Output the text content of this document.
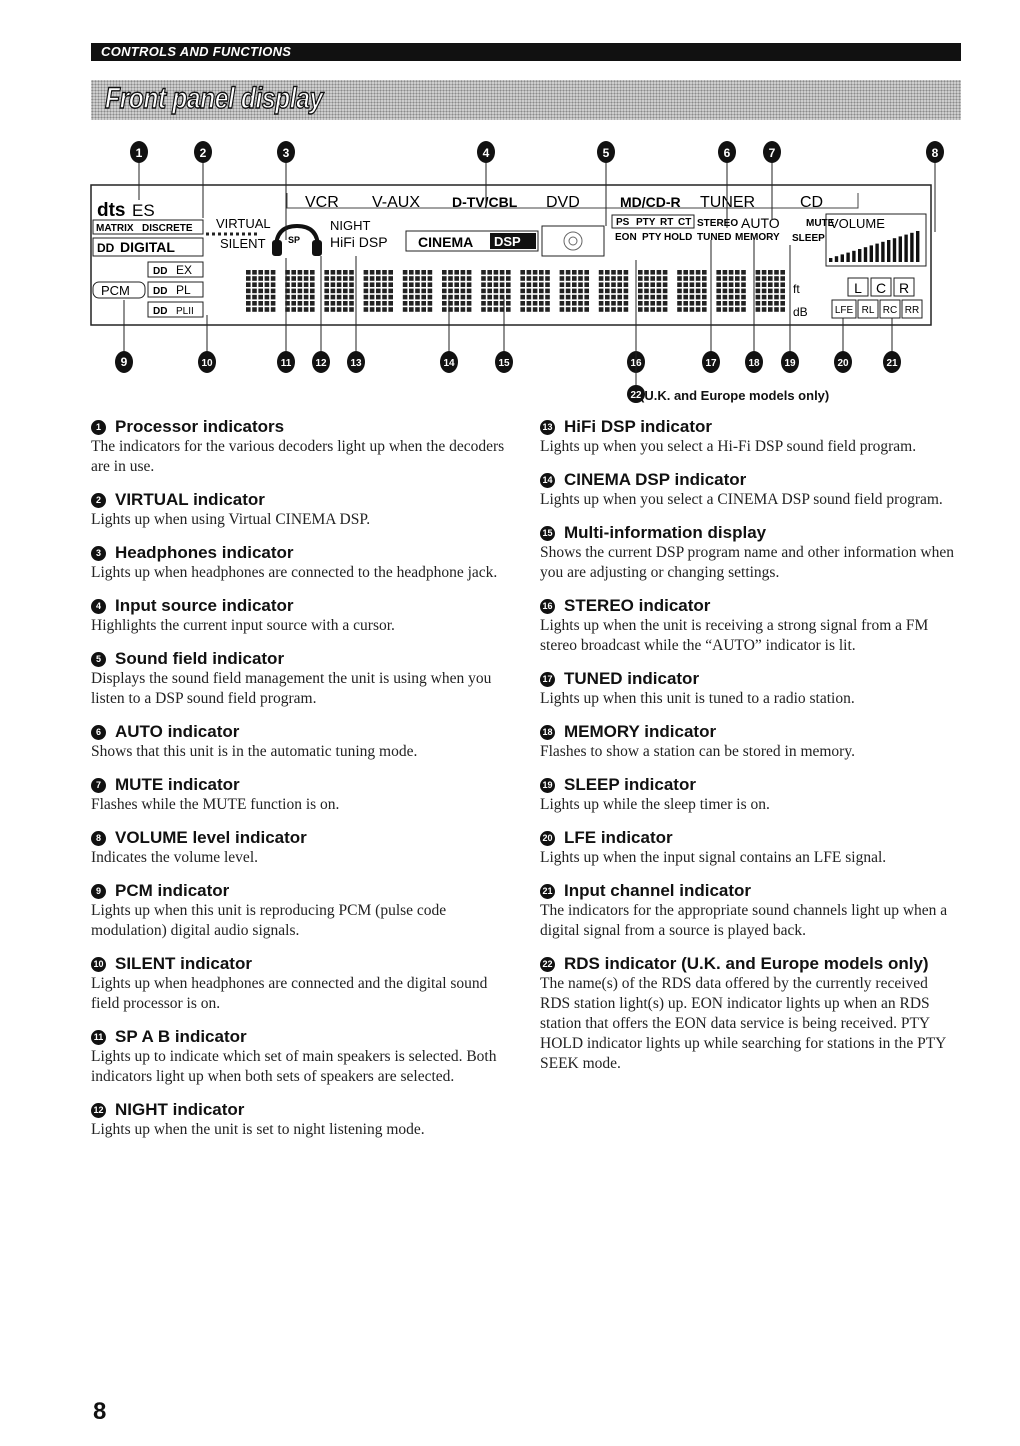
CONTROLS AND FUNCTIONS
Front panel display
dts ES
MATRIX DISCRETE
DD DIGITAL
DD EX
PCM DD PL
DD PLII
VIRTUAL
SILENT SP
A B
NIGHT
HiFi DSP CINEMA DSP
VCR V-AUX D-TV/CBL DVD	MD/CD-R TUNER	CD
PS PTY RT CT
EON PTY HOLD
STEREO AUTO
TUNED MEMORY
MUTE
SLEEP
VOLUME
ft
dB
L C R
LFE RL RC RR
1	2	3	4	5	6	7	8
9	10	11 12 13	14	15	16	17	18 19	20	21
22
(U.K. and Europe models only)
1 Processor indicators

The indicators for the various decoders light up when the decoders are in use.

2 VIRTUAL indicator

Lights up when using Virtual CINEMA DSP.

3 Headphones indicator

Lights up when headphones are connected to the headphone jack.

4 Input source indicator

Highlights the current input source with a cursor.

5 Sound field indicator

Displays the sound field management the unit is using when you listen to a DSP sound field program.

6 AUTO indicator

Shows that this unit is in the automatic tuning mode.

7 MUTE indicator

Flashes while the MUTE function is on.

8 VOLUME level indicator

Indicates the volume level.

9 PCM indicator

Lights up when this unit is reproducing PCM (pulse code modulation) digital audio signals.

10 SILENT indicator

Lights up when headphones are connected and the digital sound field processor is on.

11 SP A B indicator

Lights up to indicate which set of main speakers is selected. Both indicators light up when both sets of speakers are selected.

12 NIGHT indicator

Lights up when the unit is set to night listening mode.

13 HiFi DSP indicator

Lights up when you select a Hi-Fi DSP sound field program.

14 CINEMA DSP indicator

Lights up when you select a CINEMA DSP sound field program.

15 Multi-information display

Shows the current DSP program name and other information when you are adjusting or changing settings.

16 STEREO indicator

Lights up when the unit is receiving a strong signal from a FM stereo broadcast while the “AUTO” indicator is lit.

17 TUNED indicator

Lights up when this unit is tuned to a radio station.

18 MEMORY indicator

Flashes to show a station can be stored in memory.

19 SLEEP indicator

Lights up while the sleep timer is on.

20 LFE indicator

Lights up when the input signal contains an LFE signal.

21 Input channel indicator

The indicators for the appropriate sound channels light up when a digital signal from a source is played back.

22 RDS indicator (U.K. and Europe models only)

The name(s) of the RDS data offered by the currently received RDS station light(s) up. EON indicator lights up when an RDS station that offers the EON data service is being received. PTY HOLD indicator lights up while searching for stations in the PTY SEEK mode.

8
